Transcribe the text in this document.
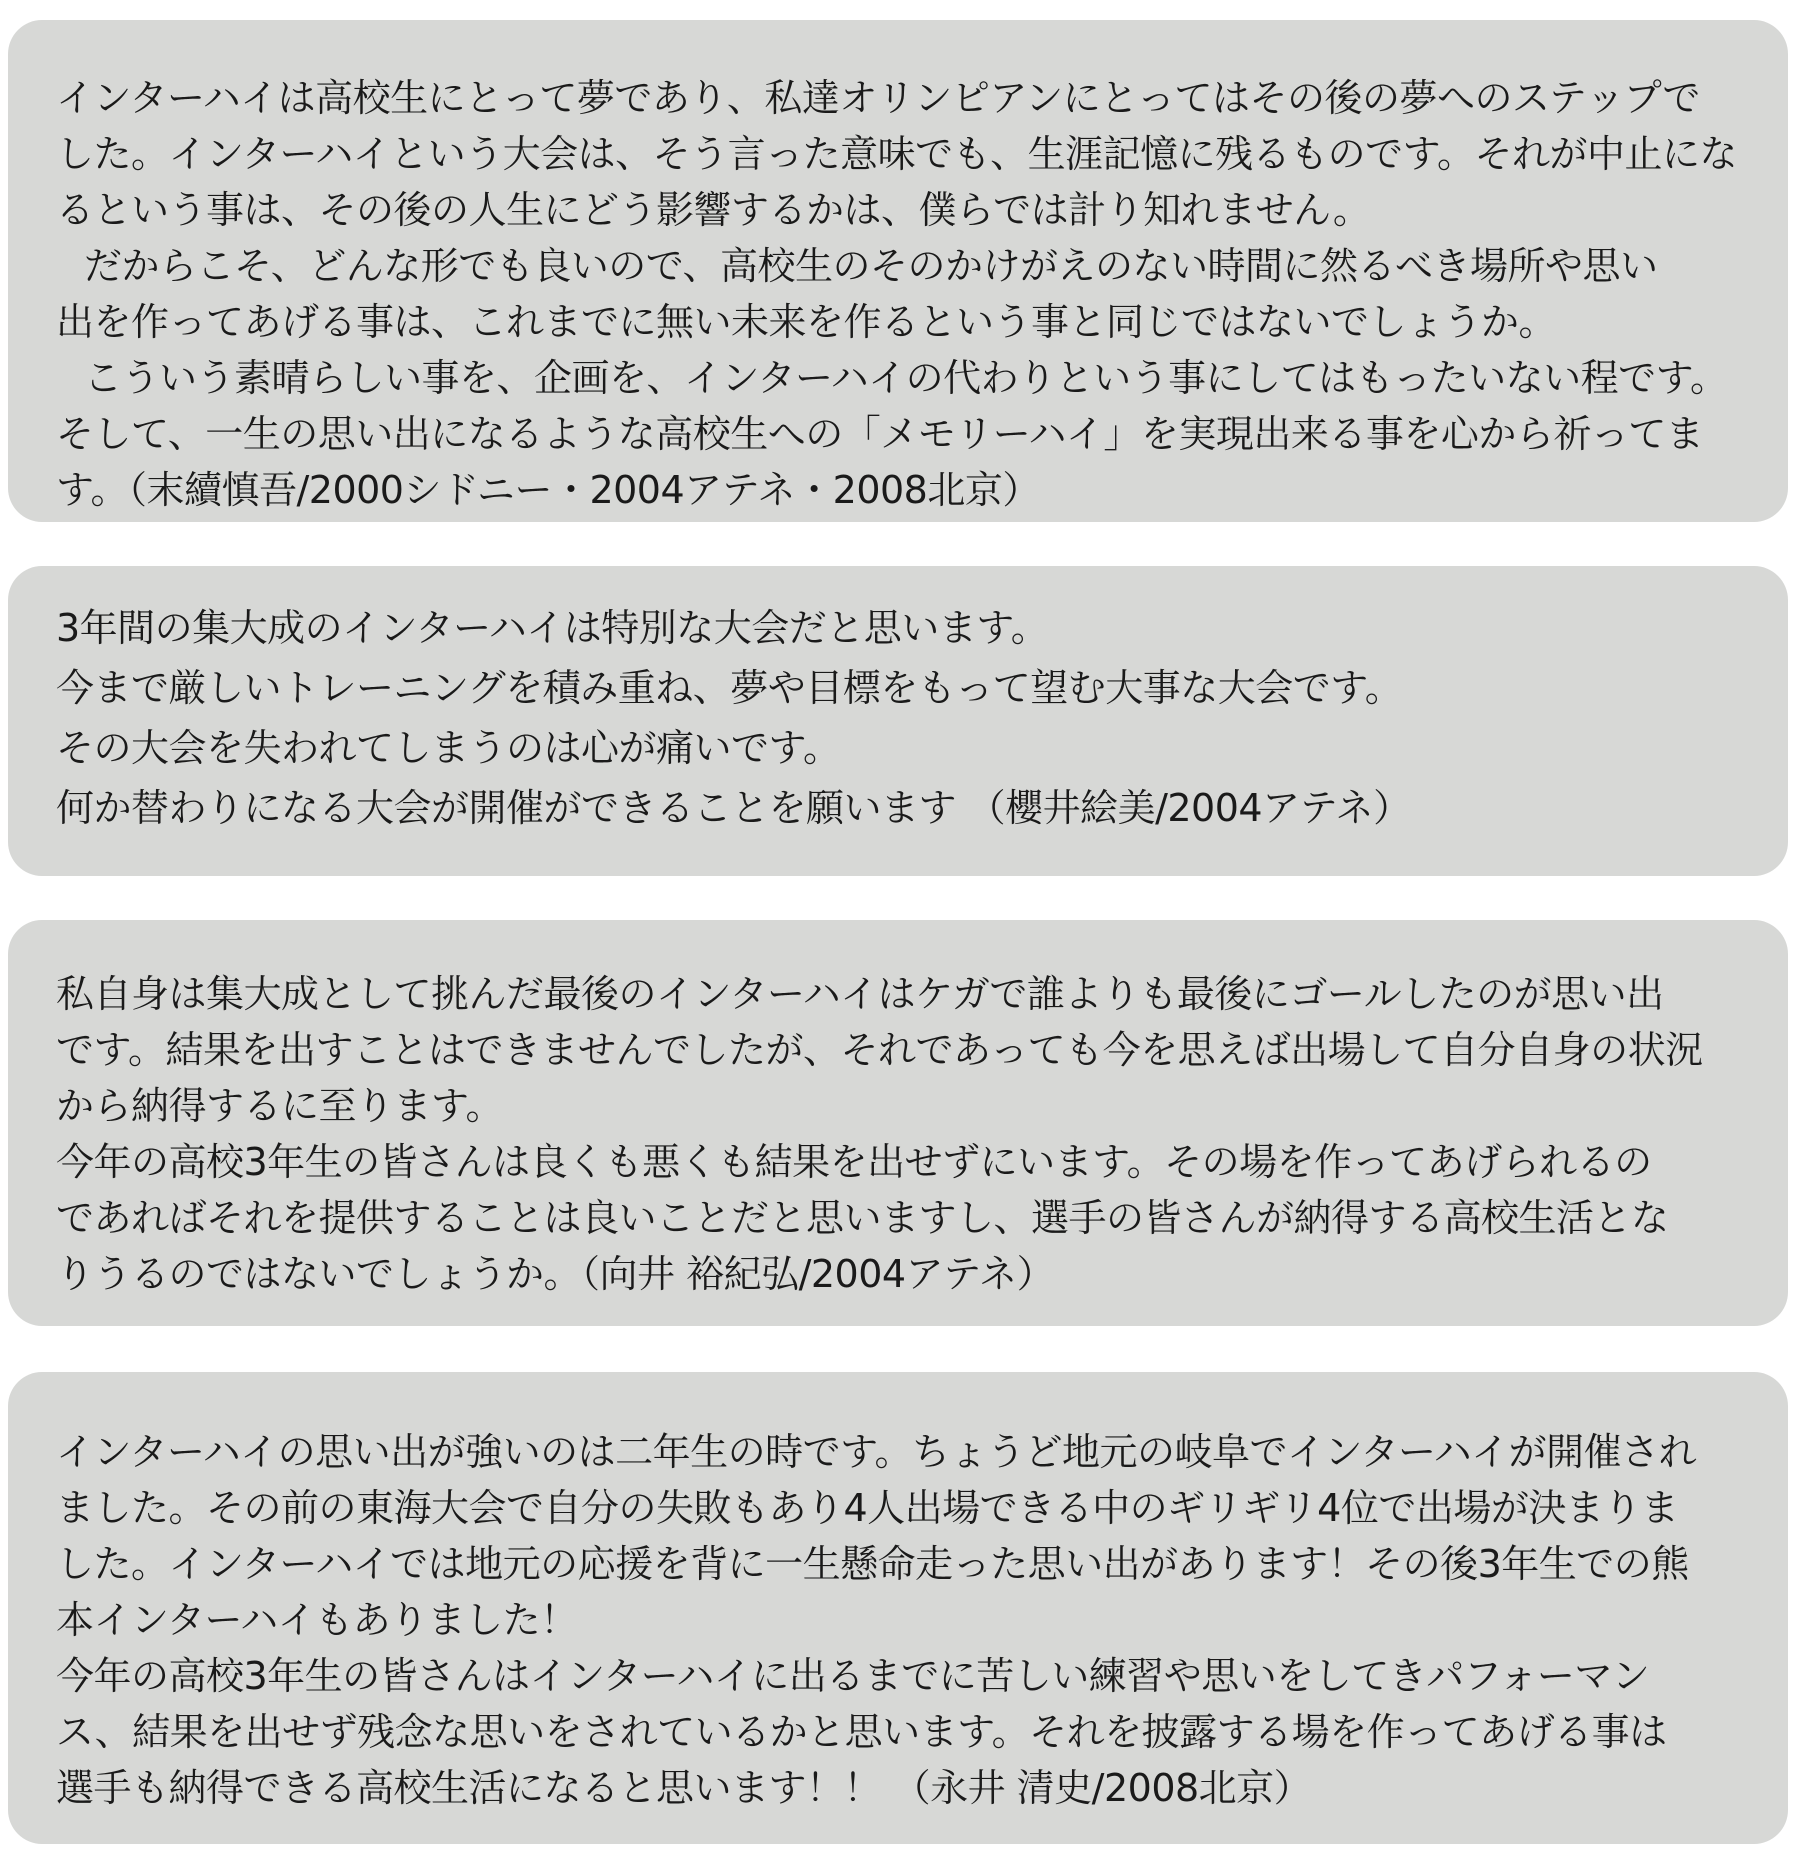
インターハイは高校生にとって夢であり、私達オリンピアンにとってはその後の夢へのステップで
した。インターハイという大会は、そう言った意味でも、生涯記憶に残るものです。それが中止にな
るという事は、その後の人生にどう影響するかは、僕らでは計り知れません。
だからこそ、どんな形でも良いので、高校生のそのかけがえのない時間に然るべき場所や思い
出を作ってあげる事は、これまでに無い未来を作るという事と同じではないでしょうか。
こういう素晴らしい事を、企画を、インターハイの代わりという事にしてはもったいない程です。
そして、一生の思い出になるような高校生への「メモリーハイ」を実現出来る事を心から祈ってま
す。（末續慎吾/2000シドニー・2004アテネ・2008北京）
3年間の集大成のインターハイは特別な大会だと思います。
今まで厳しいトレーニングを積み重ね、夢や目標をもって望む大事な大会です。
その大会を失われてしまうのは心が痛いです。
何か替わりになる大会が開催ができることを願います （櫻井絵美/2004アテネ）
私自身は集大成として挑んだ最後のインターハイはケガで誰よりも最後にゴールしたのが思い出
です。結果を出すことはできませんでしたが、それであっても今を思えば出場して自分自身の状況
から納得するに至ります。
今年の高校3年生の皆さんは良くも悪くも結果を出せずにいます。その場を作ってあげられるの
であればそれを提供することは良いことだと思いますし、選手の皆さんが納得する高校生活とな
りうるのではないでしょうか。（向井 裕紀弘/2004アテネ）
インターハイの思い出が強いのは二年生の時です。ちょうど地元の岐阜でインターハイが開催され
ました。その前の東海大会で自分の失敗もあり4人出場できる中のギリギリ4位で出場が決まりま
した。インターハイでは地元の応援を背に一生懸命走った思い出があります！その後3年生での熊
本インターハイもありました！
今年の高校3年生の皆さんはインターハイに出るまでに苦しい練習や思いをしてきパフォーマン
ス、結果を出せず残念な思いをされているかと思います。それを披露する場を作ってあげる事は
選手も納得できる高校生活になると思います！！ （永井 清史/2008北京）
